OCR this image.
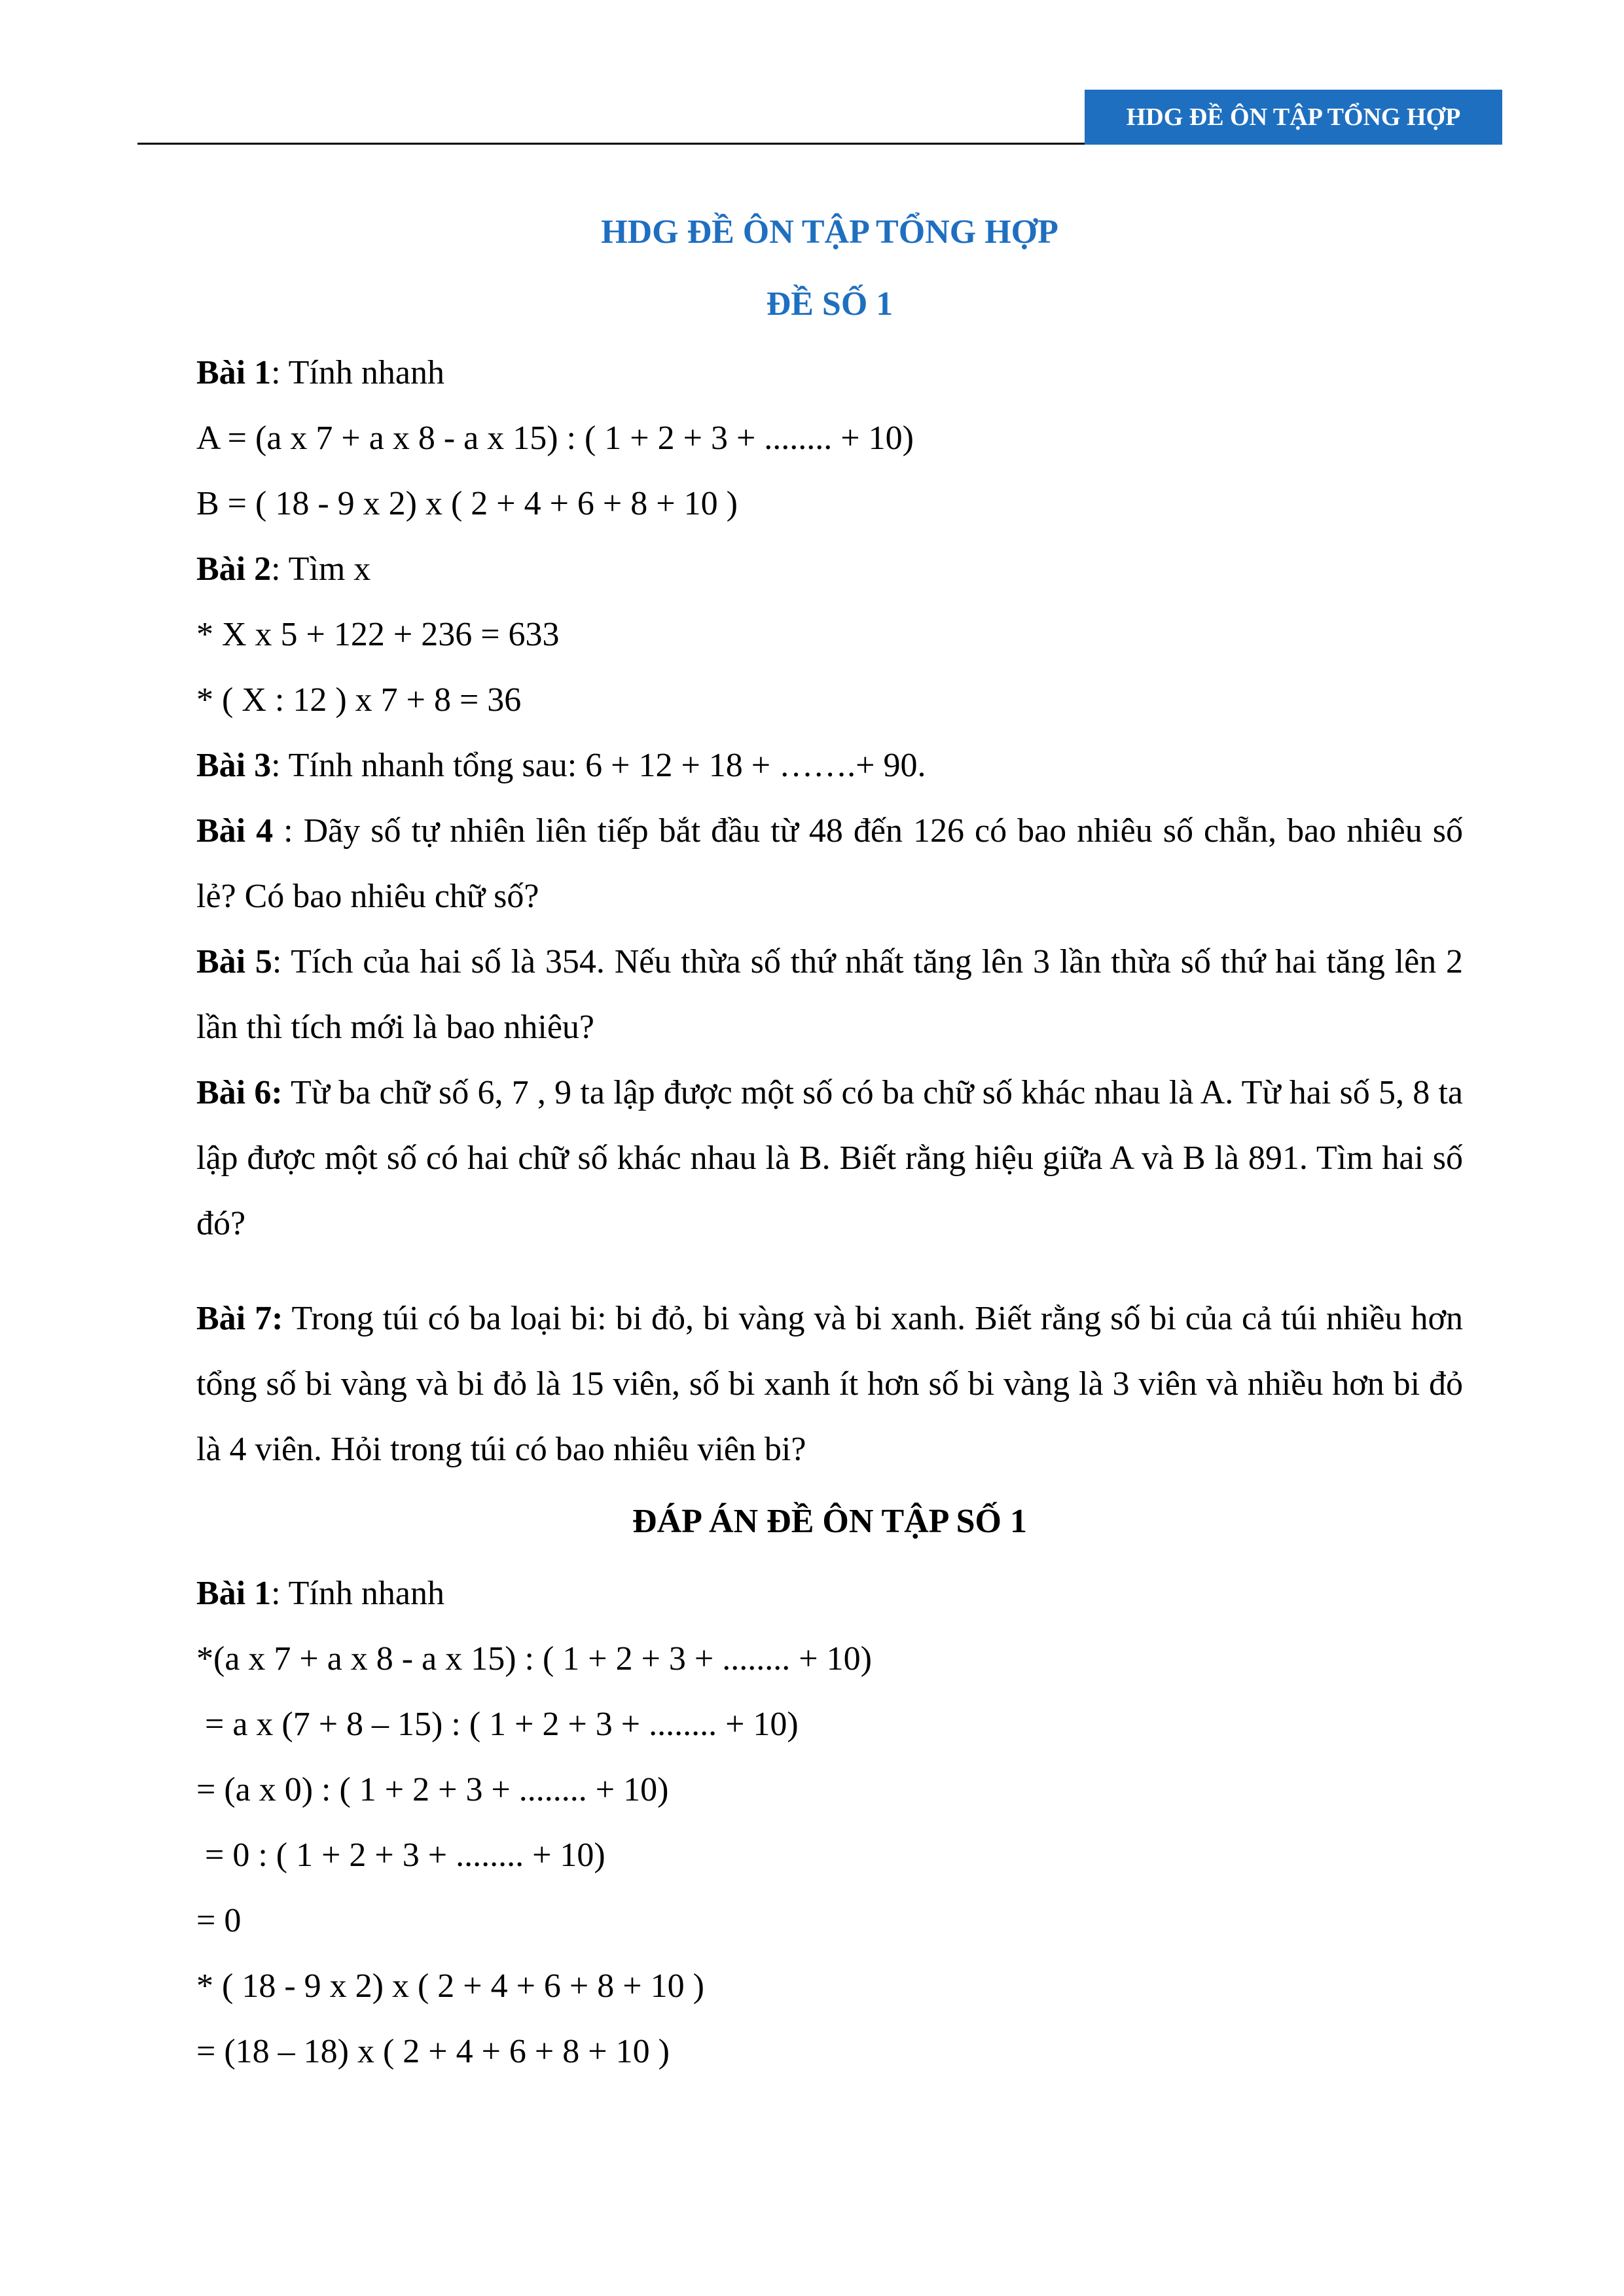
HDG ĐỀ ÔN TẬP TỔNG HỢP
HDG ĐỀ ÔN TẬP TỔNG HỢP
ĐỀ SỐ 1
Bài 1: Tính nhanh
A = (a x 7 + a x 8 - a x 15) : ( 1 + 2 + 3 + ........ + 10)
B = ( 18 - 9 x 2) x ( 2 + 4 + 6 + 8 + 10 )
Bài 2: Tìm x
* X x 5 + 122 + 236 = 633
* ( X : 12 ) x 7 + 8 = 36
Bài 3: Tính nhanh tổng sau: 6 + 12 + 18 + …….+ 90.
Bài 4 : Dãy số tự nhiên liên tiếp bắt đầu từ 48 đến 126 có bao nhiêu số chẵn, bao nhiêu số lẻ? Có bao nhiêu chữ số?
Bài 5: Tích của hai số là 354. Nếu thừa số thứ nhất tăng lên 3 lần thừa số thứ hai tăng lên 2 lần thì tích mới là bao nhiêu?
Bài 6: Từ ba chữ số 6, 7 , 9 ta lập được một số có ba chữ số khác nhau là A. Từ hai số 5, 8 ta lập được một số có hai chữ số khác nhau là B. Biết rằng hiệu giữa A và B là 891. Tìm hai số đó?
Bài 7: Trong túi có ba loại bi: bi đỏ, bi vàng và bi xanh. Biết rằng số bi của cả túi nhiều hơn tổng số bi vàng và bi đỏ là 15 viên, số bi xanh ít hơn số bi vàng là 3 viên và nhiều hơn bi đỏ là 4 viên. Hỏi trong túi có bao nhiêu viên bi?
ĐÁP ÁN ĐỀ ÔN TẬP SỐ 1
Bài 1: Tính nhanh
*(a x 7 + a x 8 - a x 15) : ( 1 + 2 + 3 + ........ + 10)
= a x (7 + 8 – 15) : ( 1 + 2 + 3 + ........ + 10)
= (a x 0) : ( 1 + 2 + 3 + ........ + 10)
= 0 : ( 1 + 2 + 3 + ........ + 10)
= 0
* ( 18 - 9 x 2) x ( 2 + 4 + 6 + 8 + 10 )
= (18 – 18) x ( 2 + 4 + 6 + 8 + 10 )
